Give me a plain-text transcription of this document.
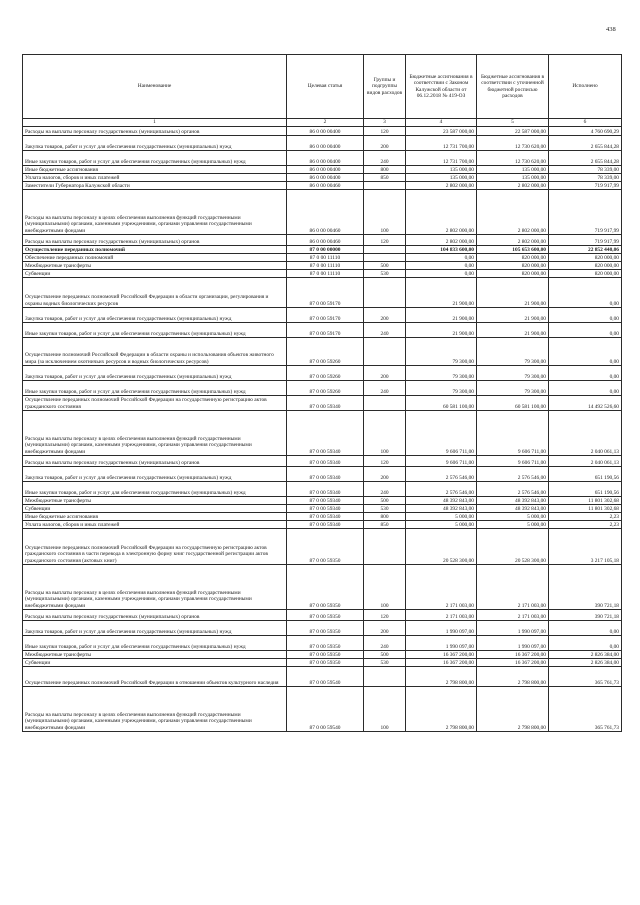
438
Наименование	Целевая статья	Группы и подгруппы видов расходов	Бюджетные ассигнования в соответствии с Законом Калужской области от 06.12.2018 № 419-ОЗ	Бюджетные ассигнования в соответствии с уточненной бюджетной росписью расходов	Исполнено
1	2	3	4	5	6
Расходы на выплаты персоналу государственных (муниципальных) органов	86 0 00 00400	120	23 587 000,00	22 587 000,00	4 760 690,29
Закупка товаров, работ и услуг для обеспечения государственных (муниципальных) нужд	86 0 00 00400	200	12 731 700,00	12 730 620,00	2 655 844,28
Иные закупки товаров, работ и услуг для обеспечения государственных (муниципальных) нужд	86 0 00 00400	240	12 731 700,00	12 730 620,00	2 655 844,28
Иные бюджетные ассигнования	86 0 00 00400	800	135 000,00	135 000,00	78 339,00
Уплата налогов, сборов и иных платежей	86 0 00 00400	850	135 000,00	135 000,00	78 339,00
Заместители Губернатора Калужской области	86 0 00 00460		2 802 000,00	2 802 000,00	719 917,99
Расходы на выплаты персоналу в целях обеспечения выполнения функций государственными (муниципальными) органами, казенными учреждениями, органами управления государственными внебюджетными фондами	86 0 00 00460	100	2 802 000,00	2 802 000,00	719 917,99
Расходы на выплаты персоналу государственных (муниципальных) органов	86 0 00 00460	120	2 802 000,00	2 802 000,00	719 917,99
Осуществление переданных полномочий	87 0 00 00000		104 833 600,00	105 653 600,00	22 852 440,06
Обеспечение переданных полномочий	87 0 00 11110		0,00	820 000,00	820 000,00
Межбюджетные трансферты	87 0 00 11110	500	0,00	820 000,00	820 000,00
Субвенции	87 0 00 11110	530	0,00	820 000,00	820 000,00
Осуществление переданных полномочий Российской Федерации в области организации, регулирования и охраны водных биологических ресурсов	87 0 00 59170		21 900,00	21 900,00	0,00
Закупка товаров, работ и услуг для обеспечения государственных (муниципальных) нужд	87 0 00 59170	200	21 900,00	21 900,00	0,00
Иные закупки товаров, работ и услуг для обеспечения государственных (муниципальных) нужд	87 0 00 59170	240	21 900,00	21 900,00	0,00
Осуществление полномочий Российской Федерации в области охраны и использования объектов животного мира (за исключением охотничьих ресурсов и водных биологических ресурсов)	87 0 00 59260		79 300,00	79 300,00	0,00
Закупка товаров, работ и услуг для обеспечения государственных (муниципальных) нужд	87 0 00 59260	200	79 300,00	79 300,00	0,00
Иные закупки товаров, работ и услуг для обеспечения государственных (муниципальных) нужд	87 0 00 59260	240	79 300,00	79 300,00	0,00
Осуществление переданных полномочий Российской Федерации на государственную регистрацию актов гражданского состояния	87 0 00 59340		60 581 100,00	60 581 100,00	14 492 526,60
Расходы на выплаты персоналу в целях обеспечения выполнения функций государственными (муниципальными) органами, казенными учреждениями, органами управления государственными внебюджетными фондами	87 0 00 59340	100	9 606 711,00	9 606 711,00	2 040 061,13
Расходы на выплаты персоналу государственных (муниципальных) органов	87 0 00 59340	120	9 606 711,00	9 606 711,00	2 040 061,13
Закупка товаров, работ и услуг для обеспечения государственных (муниципальных) нужд	87 0 00 59340	200	2 576 546,00	2 576 546,00	651 190,56
Иные закупки товаров, работ и услуг для обеспечения государственных (муниципальных) нужд	87 0 00 59340	240	2 576 546,00	2 576 546,00	651 190,56
Межбюджетные трансферты	87 0 00 59340	500	48 392 843,00	48 392 843,00	11 801 302,68
Субвенции	87 0 00 59340	530	48 392 843,00	48 392 843,00	11 801 302,68
Иные бюджетные ассигнования	87 0 00 59340	800	5 000,00	5 000,00	2,23
Уплата налогов, сборов и иных платежей	87 0 00 59340	850	5 000,00	5 000,00	2,23
Осуществление переданных полномочий Российской Федерации на государственную регистрацию актов гражданского состояния в части перевода в электронную форму книг государственной регистрации актов гражданского состояния (актовых книг)	87 0 00 59350		20 528 300,00	20 528 300,00	3 217 105,18
Расходы на выплаты персоналу в целях обеспечения выполнения функций государственными (муниципальными) органами, казенными учреждениями, органами управления государственными внебюджетными фондами	87 0 00 59350	100	2 171 003,00	2 171 003,00	390 721,18
Расходы на выплаты персоналу государственных (муниципальных) органов	87 0 00 59350	120	2 171 003,00	2 171 003,00	390 721,18
Закупка товаров, работ и услуг для обеспечения государственных (муниципальных) нужд	87 0 00 59350	200	1 990 097,00	1 990 097,00	0,00
Иные закупки товаров, работ и услуг для обеспечения государственных (муниципальных) нужд	87 0 00 59350	240	1 990 097,00	1 990 097,00	0,00
Межбюджетные трансферты	87 0 00 59350	500	16 367 200,00	16 367 200,00	2 826 384,00
Субвенции	87 0 00 59350	530	16 367 200,00	16 367 200,00	2 826 384,00
Осуществление переданных полномочий Российской Федерации в отношении объектов культурного наследия	87 0 00 59540		2 798 800,00	2 798 800,00	365 761,73
Расходы на выплаты персоналу в целях обеспечения выполнения функций государственными (муниципальными) органами, казенными учреждениями, органами управления государственными внебюджетными фондами	87 0 00 59540	100	2 798 800,00	2 798 800,00	365 761,73
